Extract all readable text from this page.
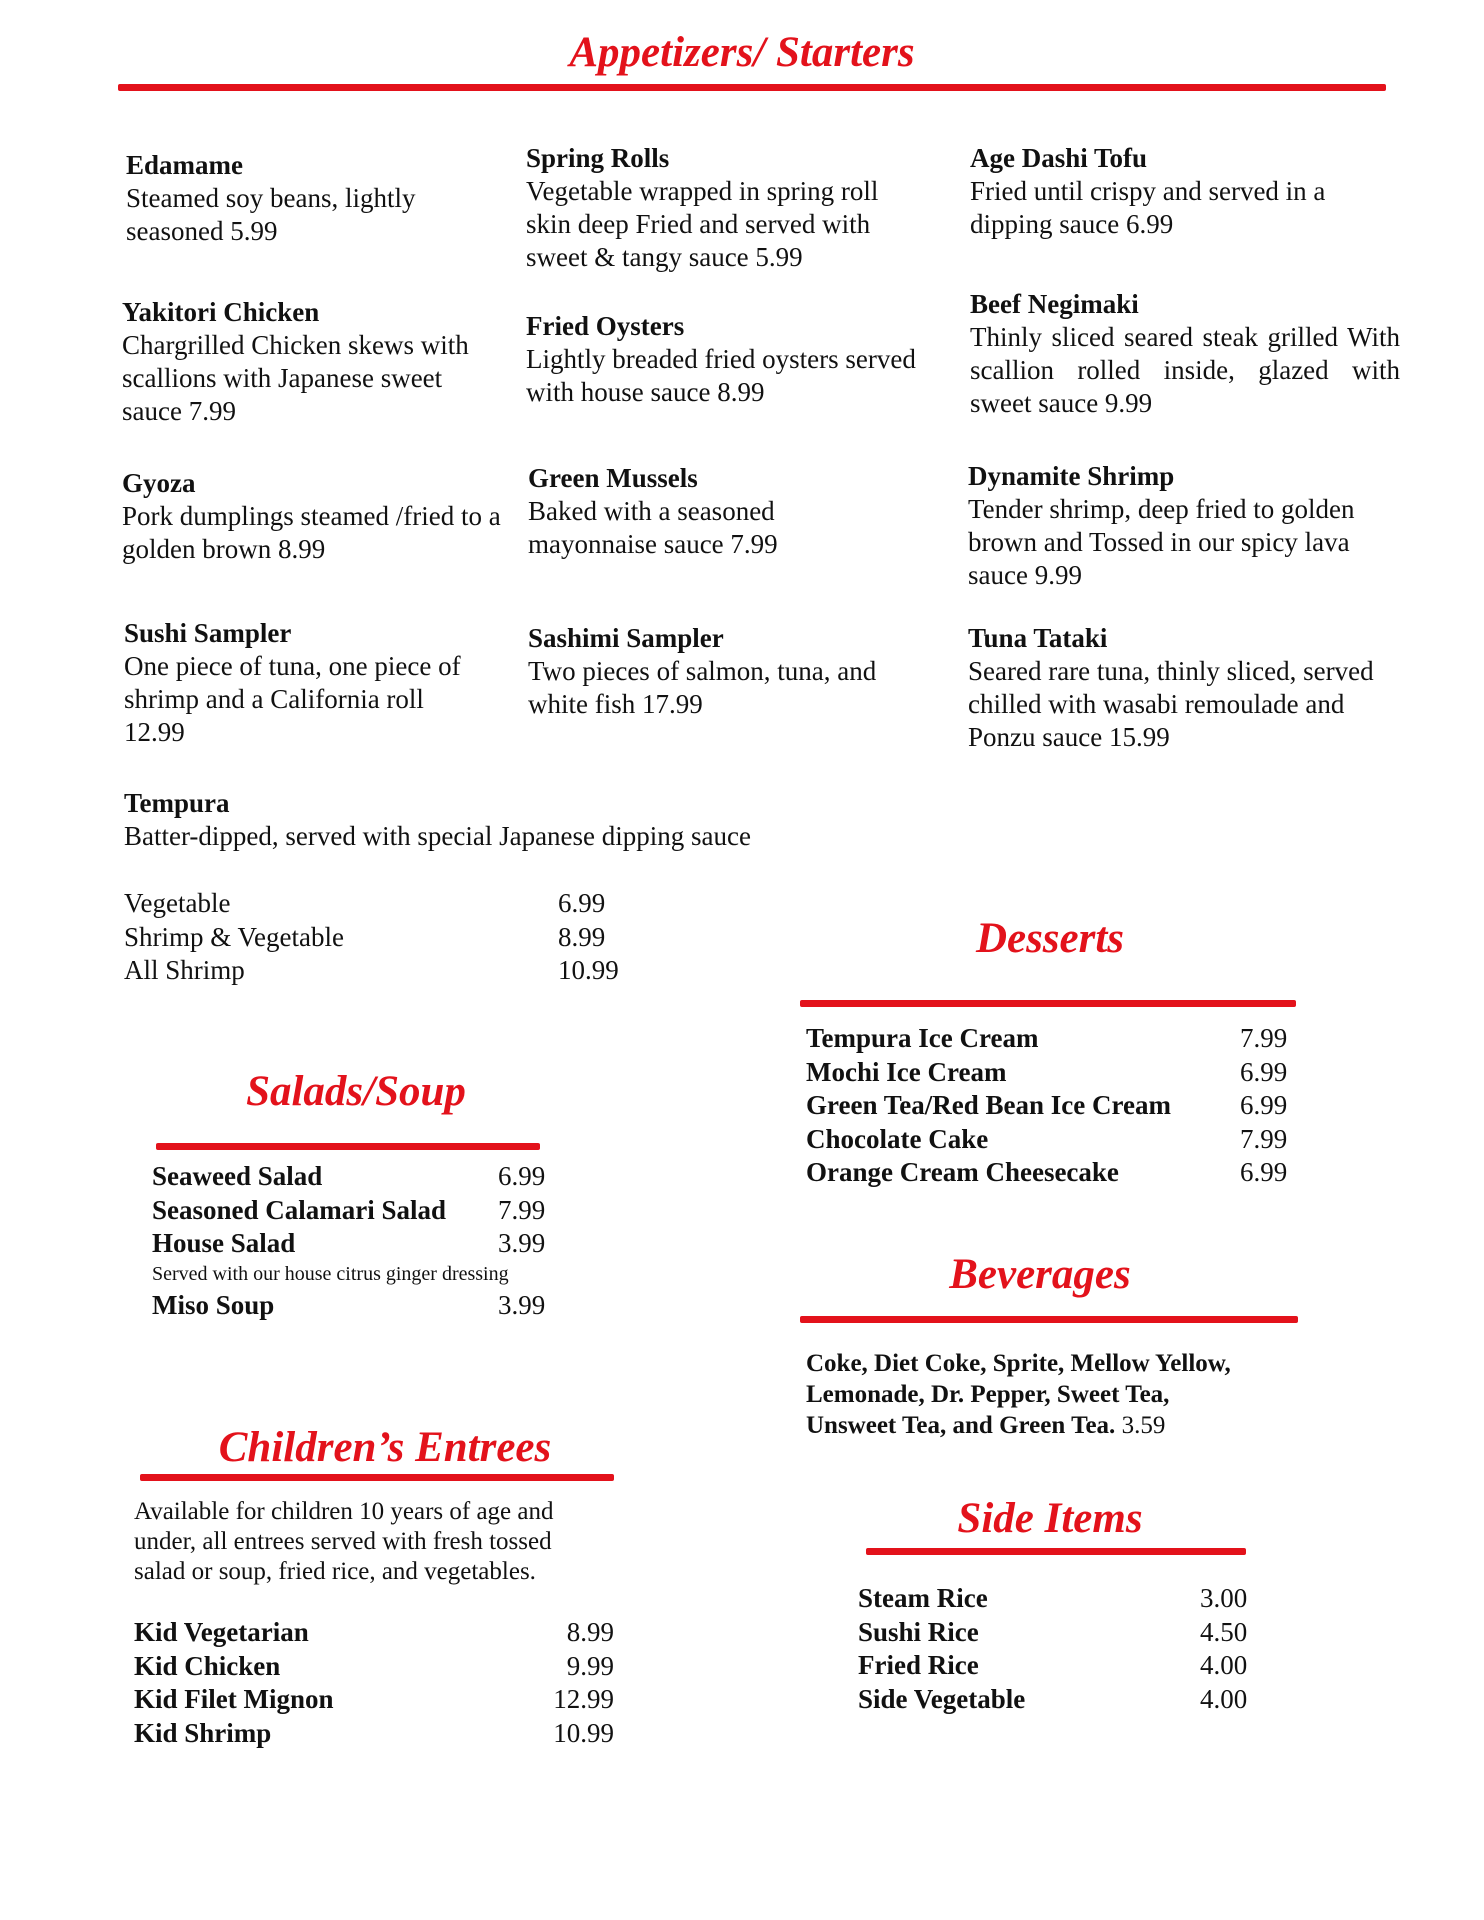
Appetizers/ Starters
Edamame
Steamed soy beans, lightly seasoned 5.99
Yakitori Chicken
Chargrilled Chicken skews with scallions with Japanese sweet sauce 7.99
Gyoza
Pork dumplings steamed /fried to a golden brown 8.99
Sushi Sampler
One piece of tuna, one piece of shrimp and a California roll 12.99
Spring Rolls
Vegetable wrapped in spring roll skin deep Fried and served with sweet & tangy sauce 5.99
Fried Oysters
Lightly breaded fried oysters served with house sauce 8.99
Green Mussels
Baked with a seasoned mayonnaise sauce 7.99
Sashimi Sampler
Two pieces of salmon, tuna, and white fish 17.99
Age Dashi Tofu
Fried until crispy and served in a dipping sauce 6.99
Beef Negimaki
Thinly sliced seared steak grilled With scallion rolled inside, glazed with sweet sauce 9.99
Dynamite Shrimp
Tender shrimp, deep fried to golden brown and Tossed in our spicy lava sauce 9.99
Tuna Tataki
Seared rare tuna, thinly sliced, served chilled with wasabi remoulade and Ponzu sauce 15.99
Tempura
Batter-dipped, served with special Japanese dipping sauce
Vegetable	6.99
Shrimp & Vegetable	8.99
All Shrimp	10.99
Desserts
Tempura Ice Cream	7.99
Mochi Ice Cream	6.99
Green Tea/Red Bean Ice Cream	6.99
Chocolate Cake	7.99
Orange Cream Cheesecake	6.99
Salads/Soup
Seaweed Salad	6.99
Seasoned Calamari Salad 7.99
House Salad	3.99
Served with our house citrus ginger dressing
Miso Soup	3.99
Beverages
Coke, Diet Coke, Sprite, Mellow Yellow,
Lemonade, Dr. Pepper, Sweet Tea,
Unsweet Tea, and Green Tea. 3.59
Children’s Entrees
Available for children 10 years of age and under, all entrees served with fresh tossed salad or soup, fried rice, and vegetables.
Kid Vegetarian	8.99
Kid Chicken	9.99
Kid Filet Mignon	12.99
Kid Shrimp	10.99
Side Items
Steam Rice	3.00
Sushi Rice	4.50
Fried Rice	4.00
Side Vegetable	4.00
